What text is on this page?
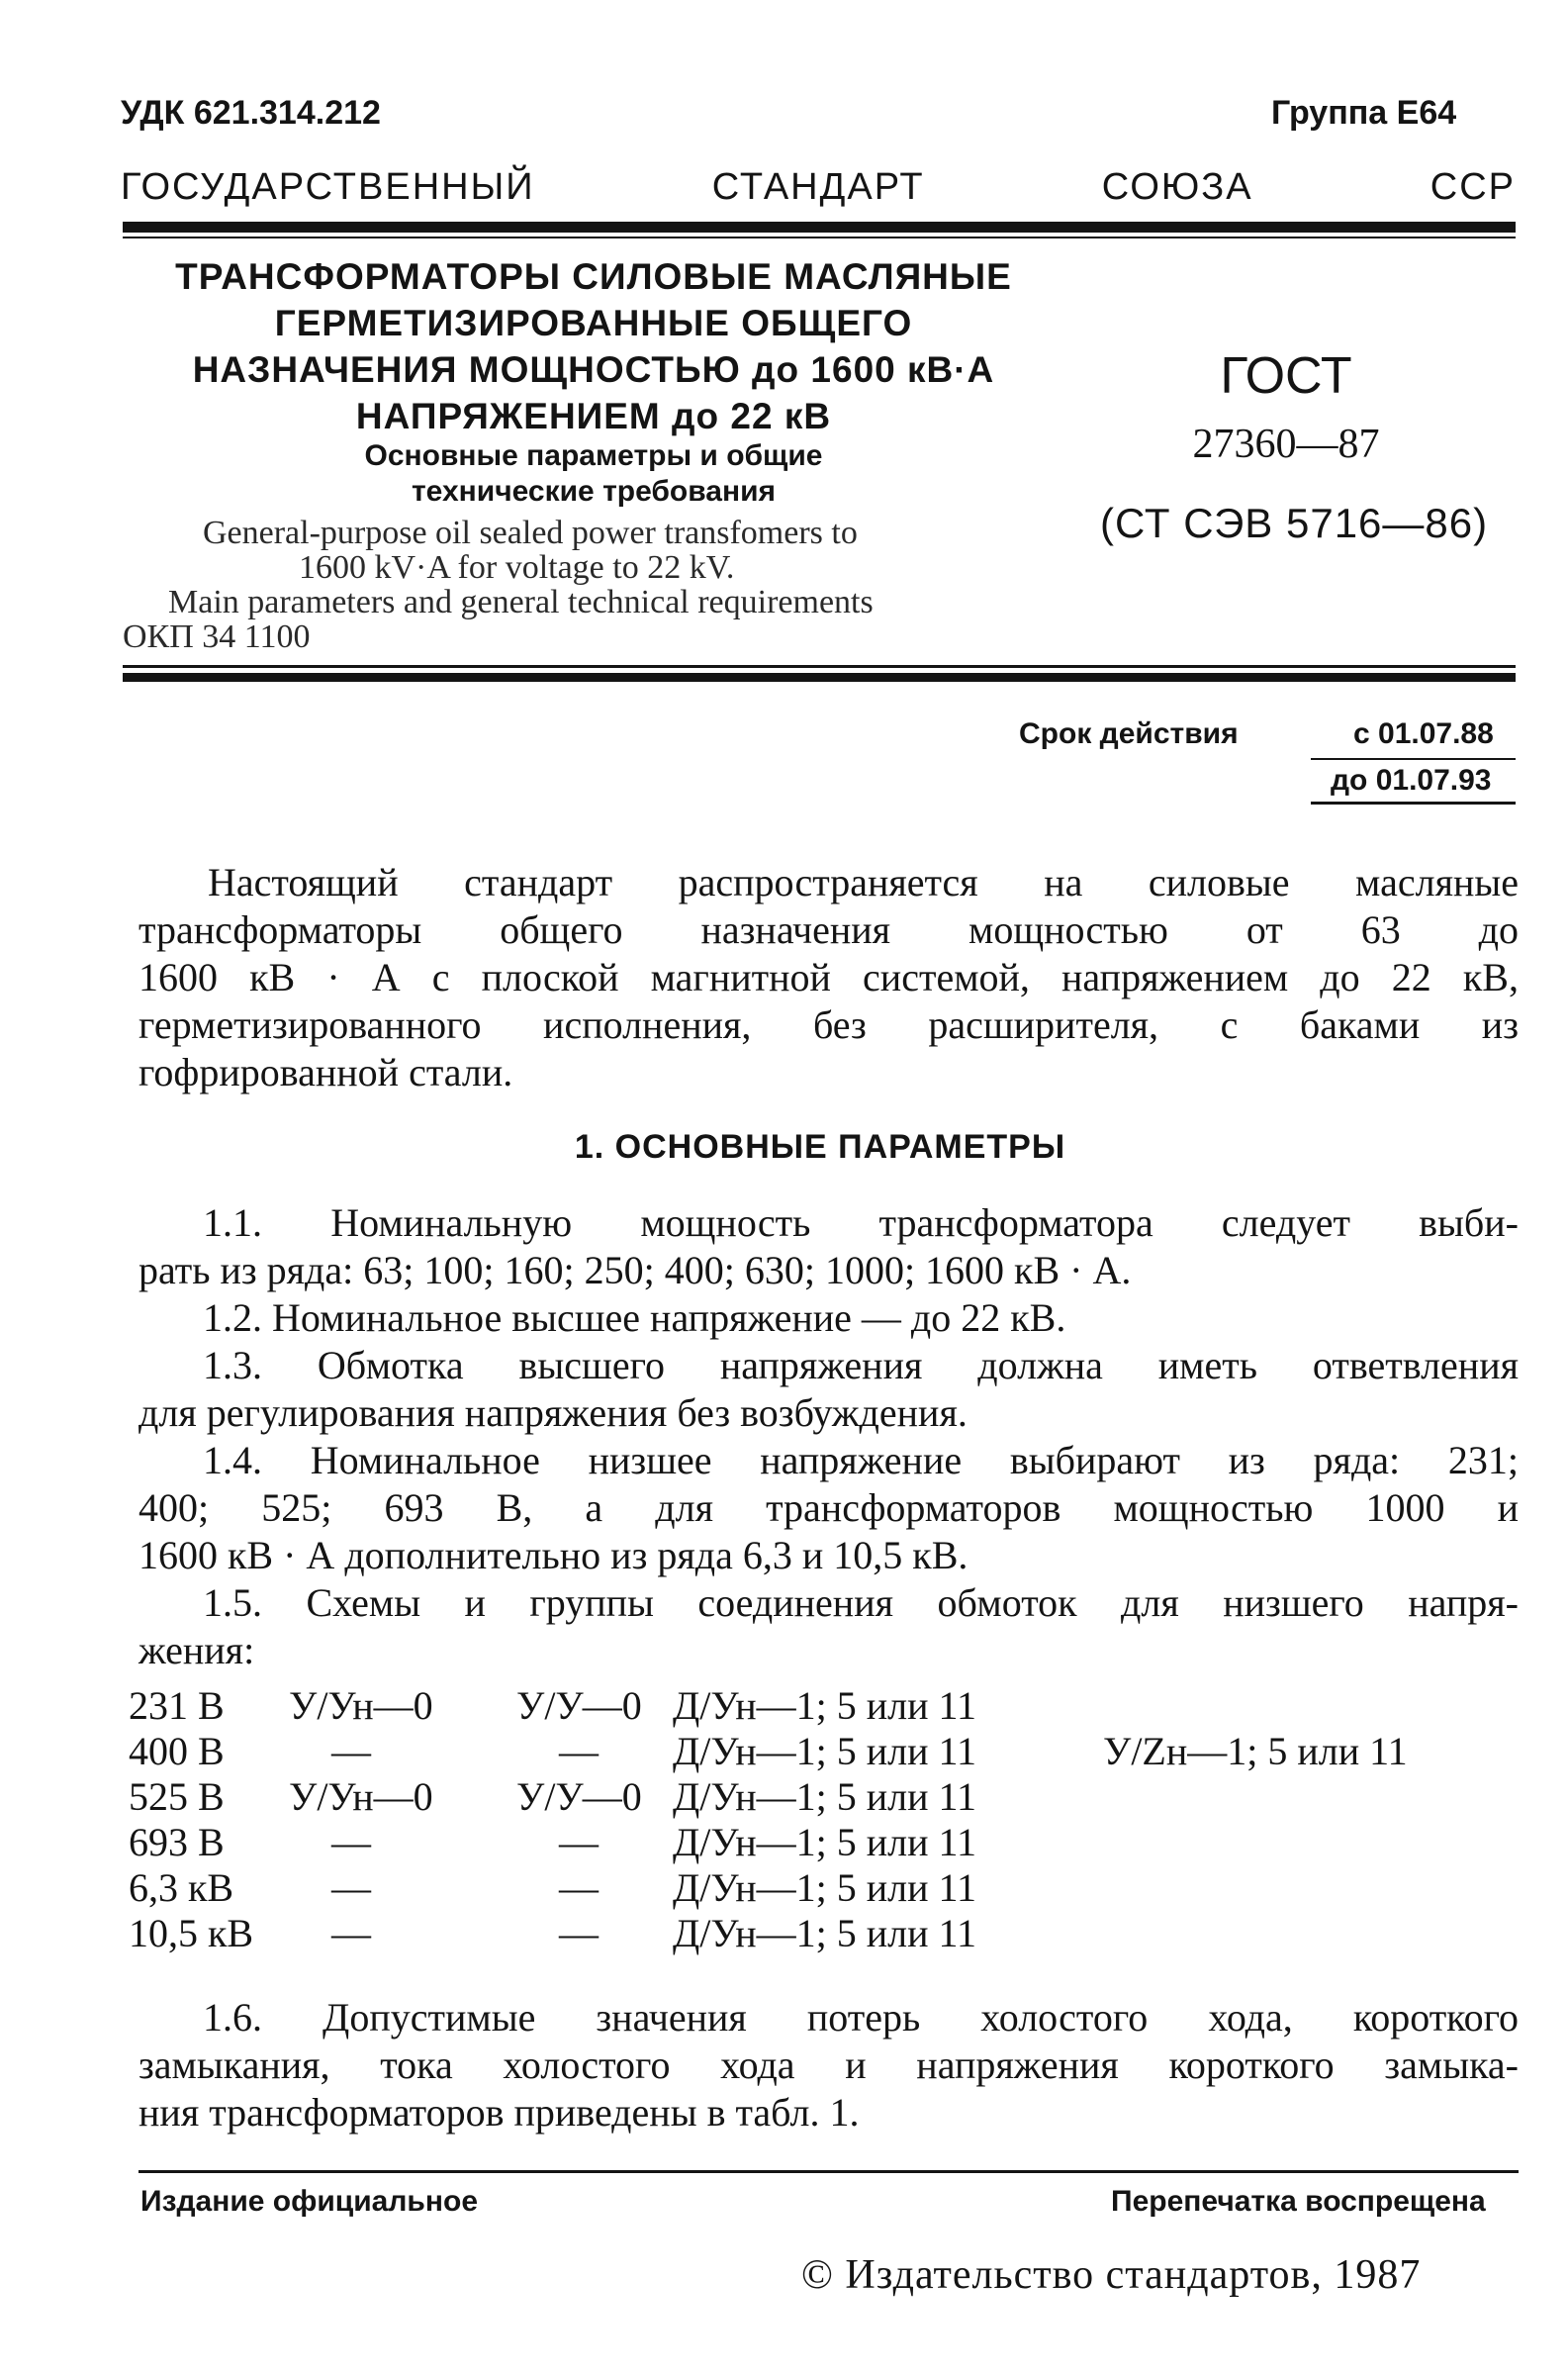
УДК 621.314.212	Группа Е64
ГОСУДАРСТВЕННЫЙ СТАНДАРТ СОЮЗА ССР
ТРАНСФОРМАТОРЫ СИЛОВЫЕ МАСЛЯНЫЕ
ГЕРМЕТИЗИРОВАННЫЕ ОБЩЕГО
НАЗНАЧЕНИЯ МОЩНОСТЬЮ до 1600 кВ·А
НАПРЯЖЕНИЕМ до 22 кВ
Основные параметры и общие
технические требования
General-purpose oil sealed power transfomers to
1600 kV·A for voltage to 22 kV.
Main parameters and general technical requirements
ОКП 34 1100
ГОСТ
27360—87
(СТ СЭВ 5716—86)
Срок действия	с 01.07.88
до 01.07.93
Настоящий стандарт распространяется на силовые масляные
трансформаторы общего назначения мощностью от 63 до
1600 кВ · А с плоской магнитной системой, напряжением до 22 кВ,
герметизированного исполнения, без расширителя, с баками из
гофрированной стали.
1. ОСНОВНЫЕ ПАРАМЕТРЫ
1.1. Номинальную мощность трансформатора следует выби-
рать из ряда: 63; 100; 160; 250; 400; 630; 1000; 1600 кВ · А.
1.2. Номинальное высшее напряжение — до 22 кВ.
1.3. Обмотка высшего напряжения должна иметь ответвления
для регулирования напряжения без возбуждения.
1.4. Номинальное низшее напряжение выбирают из ряда: 231;
400; 525; 693 В, а для трансформаторов мощностью 1000 и
1600 кВ · А дополнительно из ряда 6,3 и 10,5 кВ.
1.5. Схемы и группы соединения обмоток для низшего напря-
жения:
231 В У/Ун—0 У/У—0 Д/Ун—1; 5 или 11
400 В	—	— Д/Ун—1; 5 или 11	У/Zн—1; 5 или 11
525 В У/Ун—0 У/У—0 Д/Ун—1; 5 или 11
693 В	—	— Д/Ун—1; 5 или 11
6,3 кВ —	— Д/Ун—1; 5 или 11
10,5 кВ —	— Д/Ун—1; 5 или 11
1.6. Допустимые значения потерь холостого хода, короткого
замыкания, тока холостого хода и напряжения короткого замыка-
ния трансформаторов приведены в табл. 1.
Издание официальное	Перепечатка воспрещена
© Издательство стандартов, 1987
